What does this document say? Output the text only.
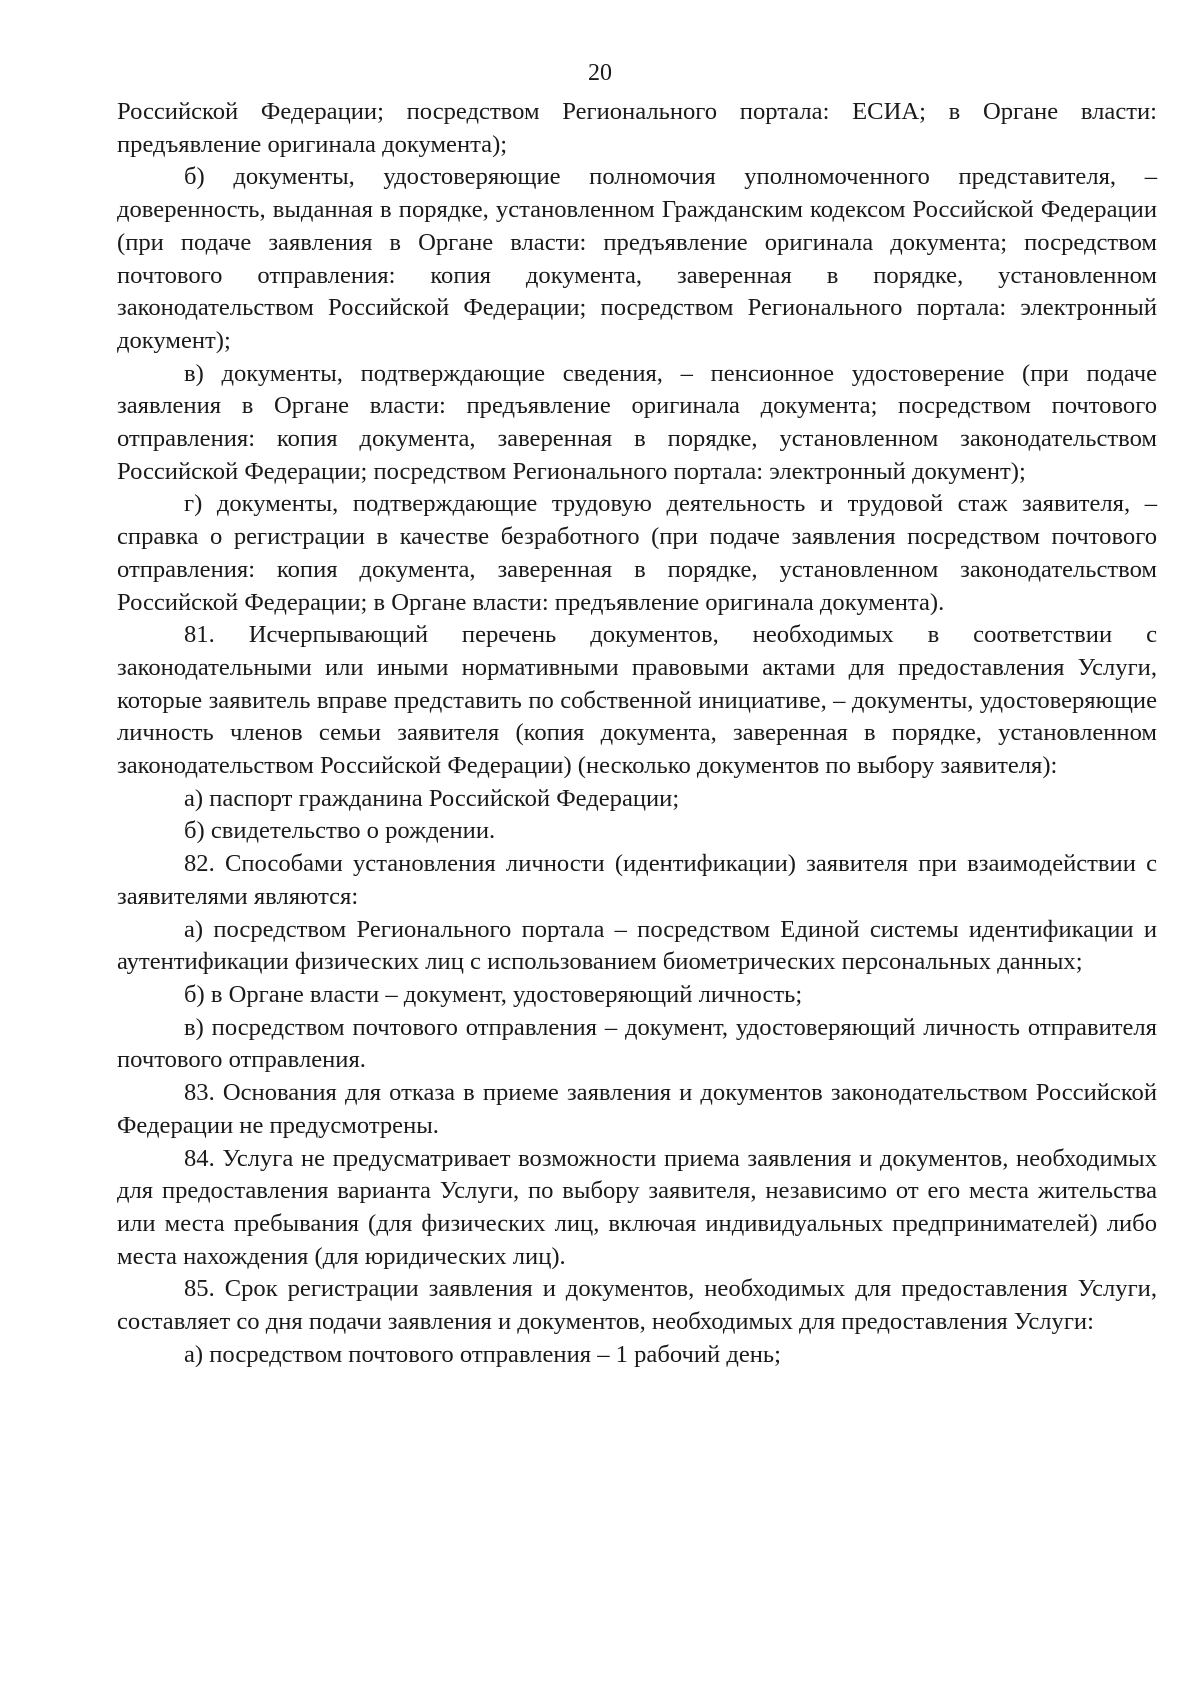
20

Российской Федерации; посредством Регионального портала: ЕСИА; в Органе власти: предъявление оригинала документа);

б) документы, удостоверяющие полномочия уполномоченного представителя, – доверенность, выданная в порядке, установленном Гражданским кодексом Российской Федерации (при подаче заявления в Органе власти: предъявление оригинала документа; посредством почтового отправления: копия документа, заверенная в порядке, установленном законодательством Российской Федерации; посредством Регионального портала: электронный документ);

в) документы, подтверждающие сведения, – пенсионное удостоверение (при подаче заявления в Органе власти: предъявление оригинала документа; посредством почтового отправления: копия документа, заверенная в порядке, установленном законодательством Российской Федерации; посредством Регионального портала: электронный документ);

г) документы, подтверждающие трудовую деятельность и трудовой стаж заявителя, – справка о регистрации в качестве безработного (при подаче заявления посредством почтового отправления: копия документа, заверенная в порядке, установленном законодательством Российской Федерации; в Органе власти: предъявление оригинала документа).

81. Исчерпывающий перечень документов, необходимых в соответствии с законодательными или иными нормативными правовыми актами для предоставления Услуги, которые заявитель вправе представить по собственной инициативе, – документы, удостоверяющие личность членов семьи заявителя (копия документа, заверенная в порядке, установленном законодательством Российской Федерации) (несколько документов по выбору заявителя):

а) паспорт гражданина Российской Федерации;

б) свидетельство о рождении.

82. Способами установления личности (идентификации) заявителя при взаимодействии с заявителями являются:

а) посредством Регионального портала – посредством Единой системы идентификации и аутентификации физических лиц с использованием биометрических персональных данных;

б) в Органе власти – документ, удостоверяющий личность;

в) посредством почтового отправления – документ, удостоверяющий личность отправителя почтового отправления.

83. Основания для отказа в приеме заявления и документов законодательством Российской Федерации не предусмотрены.

84. Услуга не предусматривает возможности приема заявления и документов, необходимых для предоставления варианта Услуги, по выбору заявителя, независимо от его места жительства или места пребывания (для физических лиц, включая индивидуальных предпринимателей) либо места нахождения (для юридических лиц).

85. Срок регистрации заявления и документов, необходимых для предоставления Услуги, составляет со дня подачи заявления и документов, необходимых для предоставления Услуги:

а) посредством почтового отправления – 1 рабочий день;
